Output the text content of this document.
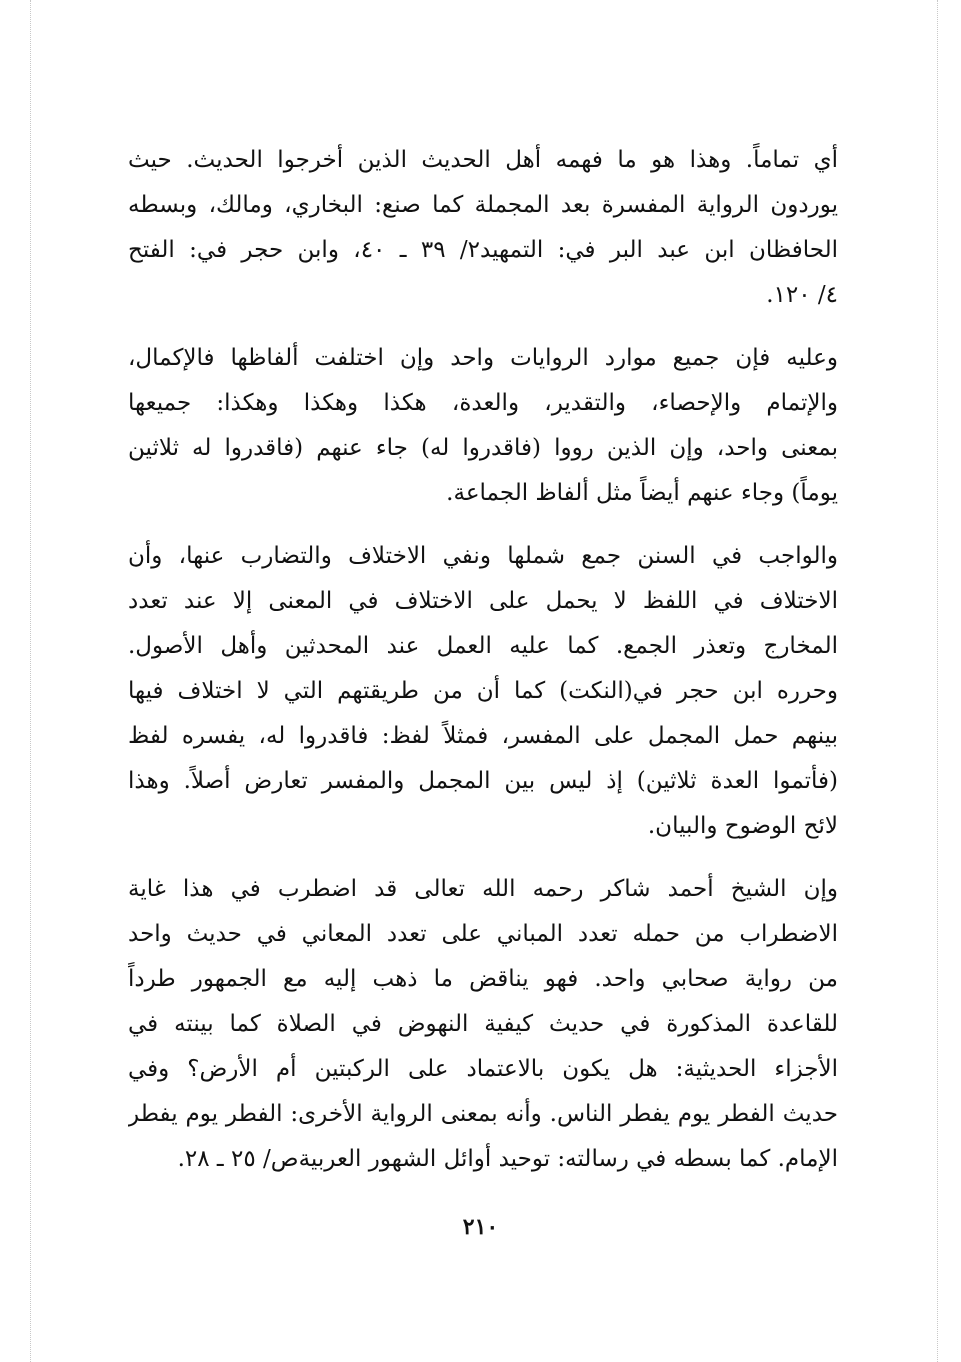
أي تماماً. وهذا هو ما فهمه أهل الحديث الذين أخرجوا الحديث. حيث
يوردون الرواية المفسرة بعد المجملة كما صنع: البخاري، ومالك، وبسطه
الحافظان ابن عبد البر في: التمهيد٢/ ٣٩ ـ ٤٠، وابن حجر في: الفتح
٤/ ١٢٠.
وعليه فإن جميع موارد الروايات واحد وإن اختلفت ألفاظها فالإكمال،
والإتمام والإحصاء، والتقدير، والعدة، هكذا وهكذا وهكذا: جميعها
بمعنى واحد، وإن الذين رووا (فاقدروا له) جاء عنهم (فاقدروا له ثلاثين
يوماً) وجاء عنهم أيضاً مثل ألفاظ الجماعة.
والواجب في السنن جمع شملها ونفي الاختلاف والتضارب عنها، وأن
الاختلاف في اللفظ لا يحمل على الاختلاف في المعنى إلا عند تعدد
المخارج وتعذر الجمع. كما عليه العمل عند المحدثين وأهل الأصول.
وحرره ابن حجر في(النكت) كما أن من طريقتهم التي لا اختلاف فيها
بينهم حمل المجمل على المفسر، فمثلاً لفظ: فاقدروا له، يفسره لفظ
(فأتموا العدة ثلاثين) إذ ليس بين المجمل والمفسر تعارض أصلاً. وهذا
لائح الوضوح والبيان.
وإن الشيخ أحمد شاكر رحمه الله تعالى قد اضطرب في هذا غاية
الاضطراب من حمله تعدد المباني على تعدد المعاني في حديث واحد
من رواية صحابي واحد. فهو يناقض ما ذهب إليه مع الجمهور طرداً
للقاعدة المذكورة في حديث كيفية النهوض في الصلاة كما بينته في
الأجزاء الحديثية: هل يكون بالاعتماد على الركبتين أم الأرض؟ وفي
حديث الفطر يوم يفطر الناس. وأنه بمعنى الرواية الأخرى: الفطر يوم يفطر
الإمام. كما بسطه في رسالته: توحيد أوائل الشهور العربيةص/ ٢٥ ـ ٢٨.
٢١٠
